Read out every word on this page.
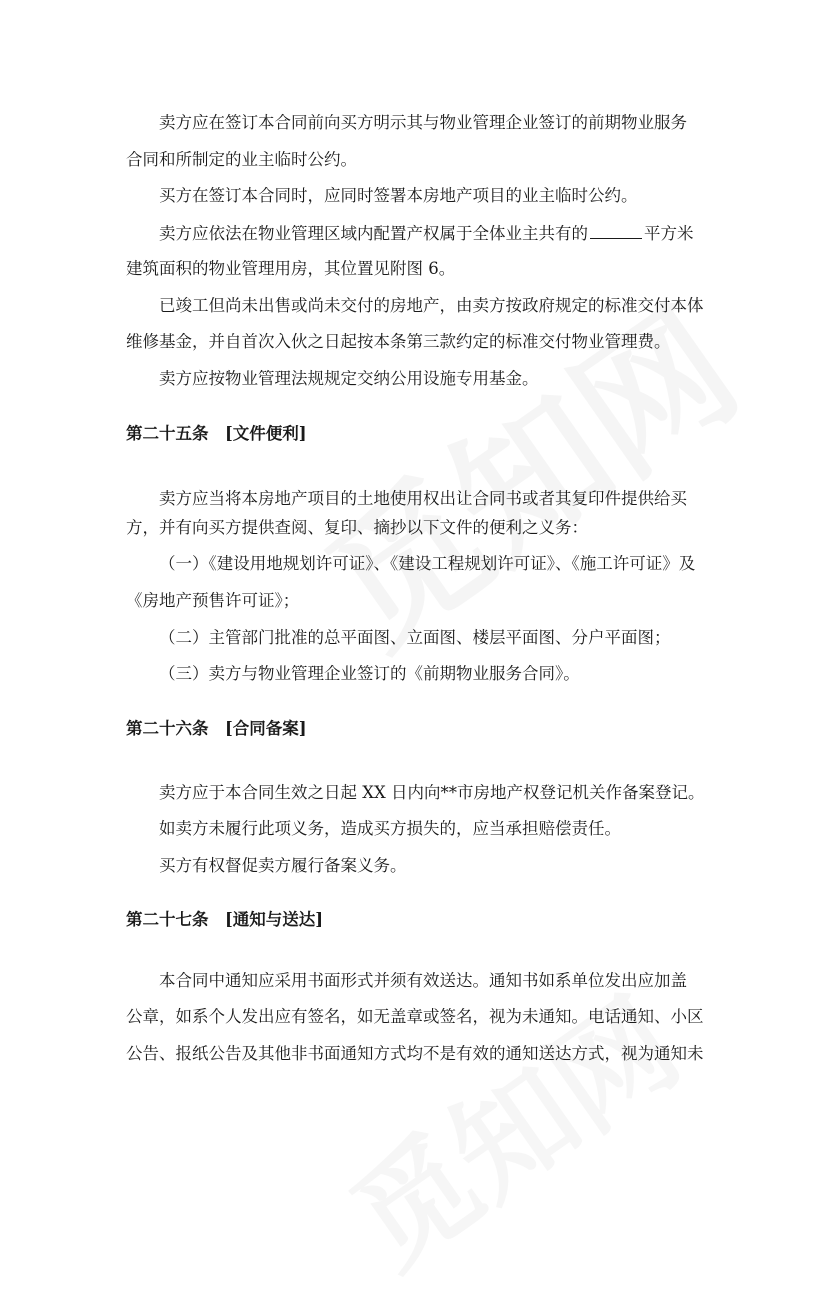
卖方应在签订本合同前向买方明示其与物业管理企业签订的前期物业服务
合同和所制定的业主临时公约。
买方在签订本合同时，应同时签署本房地产项目的业主临时公约。
卖方应依法在物业管理区域内配置产权属于全体业主共有的	平方米
建筑面积的物业管理用房，其位置见附图 6。
已竣工但尚未出售或尚未交付的房地产，由卖方按政府规定的标准交付本体
维修基金，并自首次入伙之日起按本条第三款约定的标准交付物业管理费。
卖方应按物业管理法规规定交纳公用设施专用基金。
第二十五条　[文件便利]
卖方应当将本房地产项目的土地使用权出让合同书或者其复印件提供给买
方，并有向买方提供查阅、复印、摘抄以下文件的便利之义务：
（一）《建设用地规划许可证》、《建设工程规划许可证》、《施工许可证》及
《房地产预售许可证》；
（二）主管部门批准的总平面图、立面图、楼层平面图、分户平面图；
（三）卖方与物业管理企业签订的《前期物业服务合同》。
第二十六条　[合同备案]
卖方应于本合同生效之日起 XX 日内向**市房地产权登记机关作备案登记。
如卖方未履行此项义务，造成买方损失的，应当承担赔偿责任。
买方有权督促卖方履行备案义务。
第二十七条　[通知与送达]
本合同中通知应采用书面形式并须有效送达。通知书如系单位发出应加盖
公章，如系个人发出应有签名，如无盖章或签名，视为未通知。电话通知、小区
公告、报纸公告及其他非书面通知方式均不是有效的通知送达方式，视为通知未
